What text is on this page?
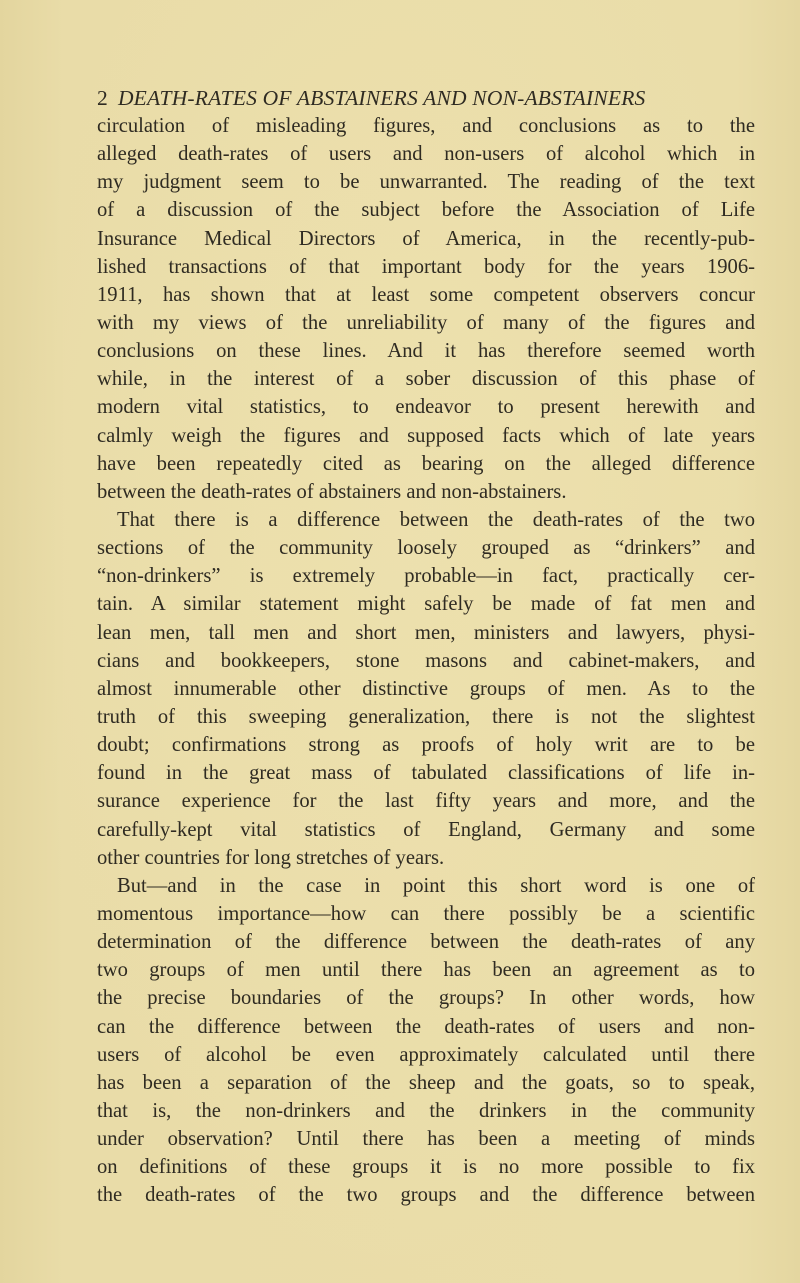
2 DEATH-RATES OF ABSTAINERS AND NON-ABSTAINERS
circulation of misleading figures, and conclusions as to the
alleged death-rates of users and non-users of alcohol which in
my judgment seem to be unwarranted. The reading of the text
of a discussion of the subject before the Association of Life
Insurance Medical Directors of America, in the recently-pub-
lished transactions of that important body for the years 1906-
1911, has shown that at least some competent observers concur
with my views of the unreliability of many of the figures and
conclusions on these lines. And it has therefore seemed worth
while, in the interest of a sober discussion of this phase of
modern vital statistics, to endeavor to present herewith and
calmly weigh the figures and supposed facts which of late years
have been repeatedly cited as bearing on the alleged difference
between the death-rates of abstainers and non-abstainers.
That there is a difference between the death-rates of the two
sections of the community loosely grouped as “drinkers” and
“non-drinkers” is extremely probable—in fact, practically cer-
tain. A similar statement might safely be made of fat men and
lean men, tall men and short men, ministers and lawyers, physi-
cians and bookkeepers, stone masons and cabinet-makers, and
almost innumerable other distinctive groups of men. As to the
truth of this sweeping generalization, there is not the slightest
doubt; confirmations strong as proofs of holy writ are to be
found in the great mass of tabulated classifications of life in-
surance experience for the last fifty years and more, and the
carefully-kept vital statistics of England, Germany and some
other countries for long stretches of years.
But—and in the case in point this short word is one of
momentous importance—how can there possibly be a scientific
determination of the difference between the death-rates of any
two groups of men until there has been an agreement as to
the precise boundaries of the groups? In other words, how
can the difference between the death-rates of users and non-
users of alcohol be even approximately calculated until there
has been a separation of the sheep and the goats, so to speak,
that is, the non-drinkers and the drinkers in the community
under observation? Until there has been a meeting of minds
on definitions of these groups it is no more possible to fix
the death-rates of the two groups and the difference between
